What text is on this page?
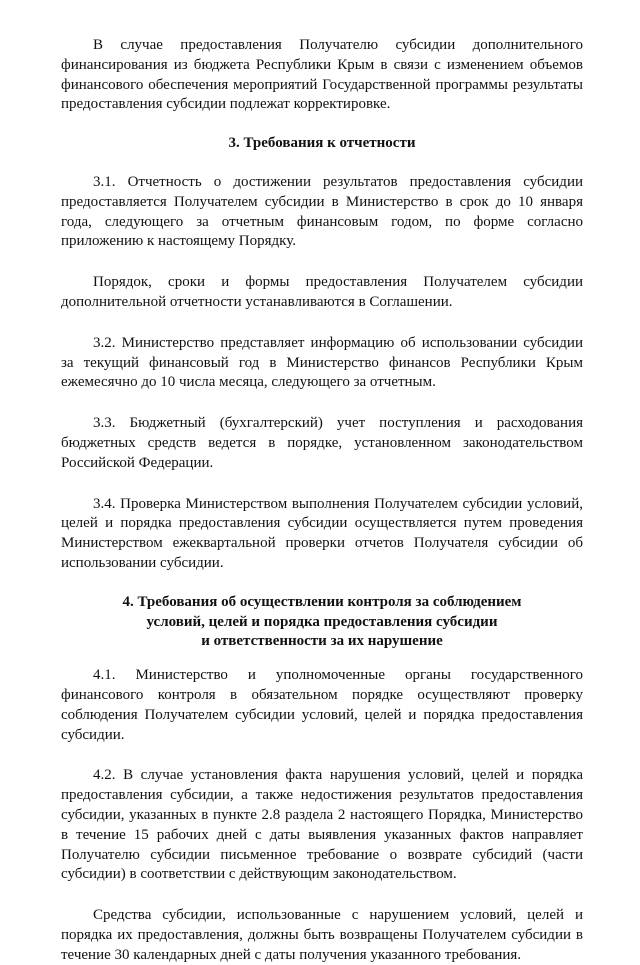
В случае предоставления Получателю субсидии дополнительного финансирования из бюджета Республики Крым в связи с изменением объемов финансового обеспечения мероприятий Государственной программы результаты предоставления субсидии подлежат корректировке.

3. Требования к отчетности

3.1. Отчетность о достижении результатов предоставления субсидии предоставляется Получателем субсидии в Министерство в срок до 10 января года, следующего за отчетным финансовым годом, по форме согласно приложению к настоящему Порядку.

Порядок, сроки и формы предоставления Получателем субсидии дополнительной отчетности устанавливаются в Соглашении.

3.2. Министерство представляет информацию об использовании субсидии за текущий финансовый год в Министерство финансов Республики Крым ежемесячно до 10 числа месяца, следующего за отчетным.

3.3. Бюджетный (бухгалтерский) учет поступления и расходования бюджетных средств ведется в порядке, установленном законодательством Российской Федерации.

3.4. Проверка Министерством выполнения Получателем субсидии условий, целей и порядка предоставления субсидии осуществляется путем проведения Министерством ежеквартальной проверки отчетов Получателя субсидии об использовании субсидии.

4. Требования об осуществлении контроля за соблюдением
условий, целей и порядка предоставления субсидии
и ответственности за их нарушение

4.1. Министерство и уполномоченные органы государственного финансового контроля в обязательном порядке осуществляют проверку соблюдения Получателем субсидии условий, целей и порядка предоставления субсидии.

4.2. В случае установления факта нарушения условий, целей и порядка предоставления субсидии, а также недостижения результатов предоставления субсидии, указанных в пункте 2.8 раздела 2 настоящего Порядка, Министерство в течение 15 рабочих дней с даты выявления указанных фактов направляет Получателю субсидии письменное требование о возврате субсидий (части субсидии) в соответствии с действующим законодательством.

Средства субсидии, использованные с нарушением условий, целей и порядка их предоставления, должны быть возвращены Получателем субсидии в течение 30 календарных дней с даты получения указанного требования.
